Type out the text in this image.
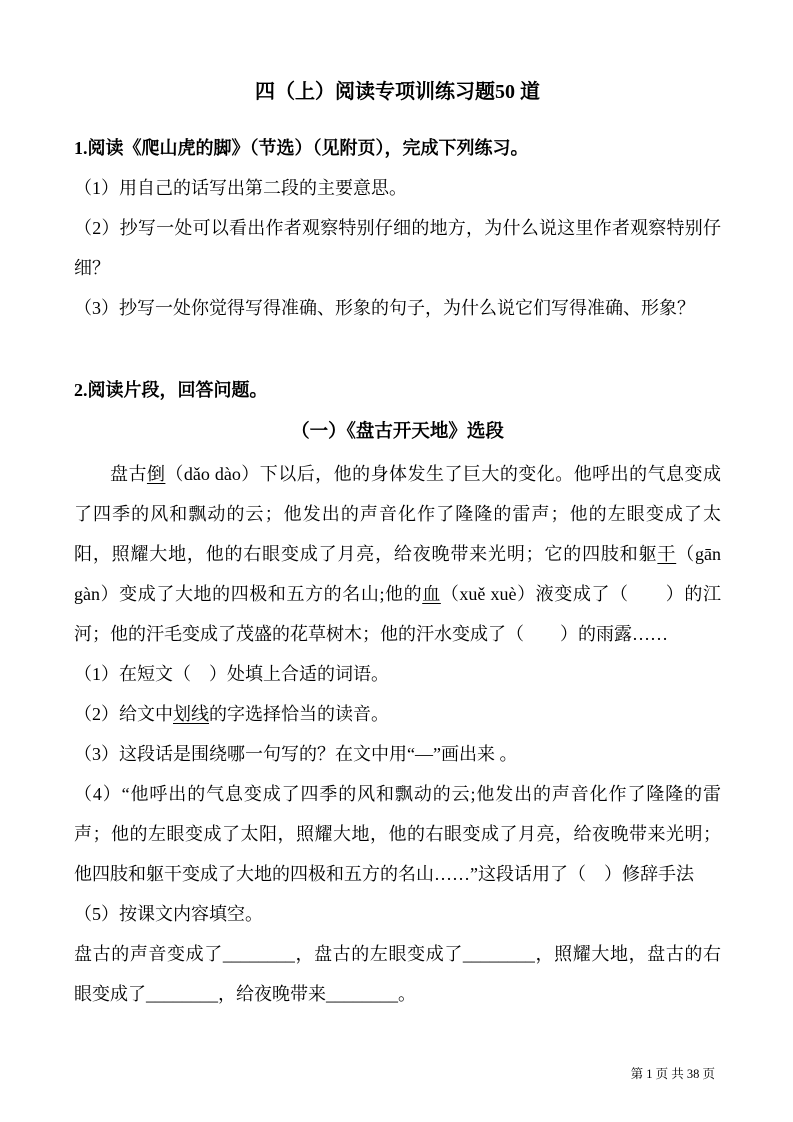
四（上）阅读专项训练习题50 道

1.阅读《爬山虎的脚》（节选）（见附页），完成下列练习。

（1）用自己的话写出第二段的主要意思。

（2）抄写一处可以看出作者观察特别仔细的地方，为什么说这里作者观察特别仔细？

（3）抄写一处你觉得写得准确、形象的句子，为什么说它们写得准确、形象？

2.阅读片段，回答问题。

（一）《盘古开天地》选段

盘古倒（dǎo dào）下以后，他的身体发生了巨大的变化。他呼出的气息变成了四季的风和飘动的云；他发出的声音化作了隆隆的雷声；他的左眼变成了太阳，照耀大地，他的右眼变成了月亮，给夜晚带来光明；它的四肢和躯干（gān gàn）变成了大地的四极和五方的名山;他的血（xuě xuè）液变成了（　　）的江河；他的汗毛变成了茂盛的花草树木；他的汗水变成了（　　）的雨露……

（1）在短文（　）处填上合适的词语。

（2）给文中划线的字选择恰当的读音。

（3）这段话是围绕哪一句写的？在文中用“—”画出来 。

（4）“他呼出的气息变成了四季的风和飘动的云;他发出的声音化作了隆隆的雷声；他的左眼变成了太阳，照耀大地，他的右眼变成了月亮，给夜晚带来光明；他四肢和躯干变成了大地的四极和五方的名山……”这段话用了（　）修辞手法

（5）按课文内容填空。

盘古的声音变成了________，盘古的左眼变成了________，照耀大地，盘古的右眼变成了________，给夜晚带来________。

第 1 页 共 38 页
